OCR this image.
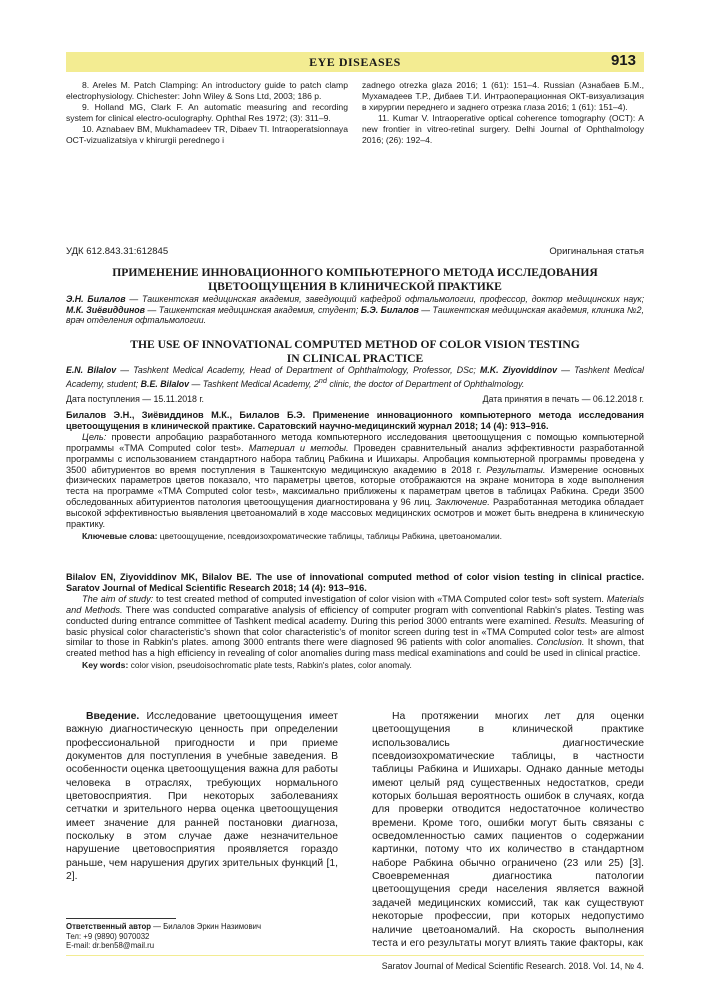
EYE DISEASES	913

8. Areles M. Patch Clamping: An introductory guide to patch clamp electrophysiology. Chichester: John Wiley & Sons Ltd, 2003; 186 p.

9. Holland MG, Clark F. An automatic measuring and recording system for clinical electro-oculography. Ophthal Res 1972; (3): 311–9.

10. Aznabaev BM, Mukhamadeev TR, Dibaev TI. Intraoperatsionnaya OCT-vizualizatsiya v khirurgii perednego i

zadnego otrezka glaza 2016; 1 (61): 151–4. Russian (Азнабаев Б.М., Мухамадеев Т.Р., Дибаев Т.И. Интраоперационная ОКТ-визуализация в хирургии переднего и заднего отрезка глаза 2016; 1 (61): 151–4).

11. Kumar V. Intraoperative optical coherence tomography (OCT): A new frontier in vitreo-retinal surgery. Delhi Journal of Ophthalmology 2016; (26): 192–4.

УДК 612.843.31:612845	Оригинальная статья
ПРИМЕНЕНИЕ ИННОВАЦИОННОГО КОМПЬЮТЕРНОГО МЕТОДА ИССЛЕДОВАНИЯ
ЦВЕТООЩУЩЕНИЯ В КЛИНИЧЕСКОЙ ПРАКТИКЕ
Э.Н. Билалов — Ташкентская медицинская академия, заведующий кафедрой офтальмологии, профессор, доктор медицинских наук; М.К. Зиёвиддинов — Ташкентская медицинская академия, студент; Б.Э. Билалов — Ташкентская медицинская академия, клиника №2, врач отделения офтальмологии.
THE USE OF INNOVATIONAL COMPUTED METHOD OF COLOR VISION TESTING
IN CLINICAL PRACTICE
E.N. Bilalov — Tashkent Medical Academy, Head of Department of Ophthalmology, Professor, DSc; M.K. Ziyoviddinov — Tashkent Medical Academy, student; B.E. Bilalov — Tashkent Medical Academy, 2nd clinic, the doctor of Department of Ophthalmology.
Дата поступления — 15.11.2018 г.	Дата принятия в печать — 06.12.2018 г.

Билалов Э.Н., Зиёвиддинов М.К., Билалов Б.Э. Применение инновационного компьютерного метода исследования цветоощущения в клинической практике. Саратовский научно-медицинский журнал 2018; 14 (4): 913–916.

Цель: провести апробацию разработанного метода компьютерного исследования цветоощущения с помощью компьютерной программы «TMA Computed color test». Материал и методы. Проведен сравнительный анализ эффективности разработанной программы с использованием стандартного набора таблиц Рабкина и Ишихары. Апробация компьютерной программы проведена у 3500 абитуриентов во время поступления в Ташкентскую медицинскую академию в 2018 г. Результаты. Измерение основных физических параметров цветов показало, что параметры цветов, которые отображаются на экране монитора в ходе выполнения теста на программе «TMA Computed color test», максимально приближены к параметрам цветов в таблицах Рабкина. Среди 3500 обследованных абитуриентов патология цветоощущения диагностирована у 96 лиц. Заключение. Разработанная методика обладает высокой эффективностью выявления цветоаномалий в ходе массовых медицинских осмотров и может быть внедрена в клиническую практику.

Ключевые слова: цветоощущение, псевдоизохроматические таблицы, таблицы Рабкина, цветоаномалии.

Bilalov EN, Ziyoviddinov MK, Bilalov BE. The use of innovational computed method of color vision testing in clinical practice. Saratov Journal of Medical Scientific Research 2018; 14 (4): 913–916.

The aim of study: to test created method of computed investigation of color vision with «TMA Computed color test» soft system. Materials and Methods. There was conducted comparative analysis of efficiency of computer program with conventional Rabkin's plates. Testing was conducted during entrance committee of Tashkent medical academy. During this period 3000 entrants were examined. Results. Measuring of basic physical color characteristic's shown that color characteristic's of monitor screen during test in «TMA Computed color test» are almost similar to those in Rabkin's plates. among 3000 entrants there were diagnosed 96 patients with color anomalies. Conclusion. It shown, that created method has a high efficiency in revealing of color anomalies during mass medical examinations and could be used in clinical practice.

Key words: color vision, pseudoisochromatic plate tests, Rabkin's plates, color anomaly.

Введение. Исследование цветоощущения имеет важную диагностическую ценность при определении профессиональной пригодности и при приеме документов для поступления в учебные заведения. В особенности оценка цветоощущения важна для работы человека в отраслях, требующих нормального цветовосприятия. При некоторых заболеваниях сетчатки и зрительного нерва оценка цветоощущения имеет значение для ранней постановки диагноза, поскольку в этом случае даже незначительное нарушение цветовосприятия проявляется гораздо раньше, чем нарушения других зрительных функций [1, 2].

На протяжении многих лет для оценки цветоощущения в клинической практике использовались диагностические псевдоизохроматические таблицы, в частности таблицы Рабкина и Ишихары. Однако данные методы имеют целый ряд существенных недостатков, среди которых большая вероятность ошибок в случаях, когда для проверки отводится недостаточное количество времени. Кроме того, ошибки могут быть связаны с осведомленностью самих пациентов о содержании картинки, потому что их количество в стандартном наборе Рабкина обычно ограничено (23 или 25) [3]. Своевременная диагностика патологии цветоощущения среди населения является важной задачей медицинских комиссий, так как существуют некоторые профессии, при которых недопустимо наличие цветоаномалий. На скорость выполнения теста и его результаты могут влиять такие факторы, как

Ответственный автор — Билалов Эркин Назимович
Тел: +9 (9890) 9070032
E-mail: dr.ben58@mail.ru
Saratov Journal of Medical Scientific Research. 2018. Vol. 14, № 4.
